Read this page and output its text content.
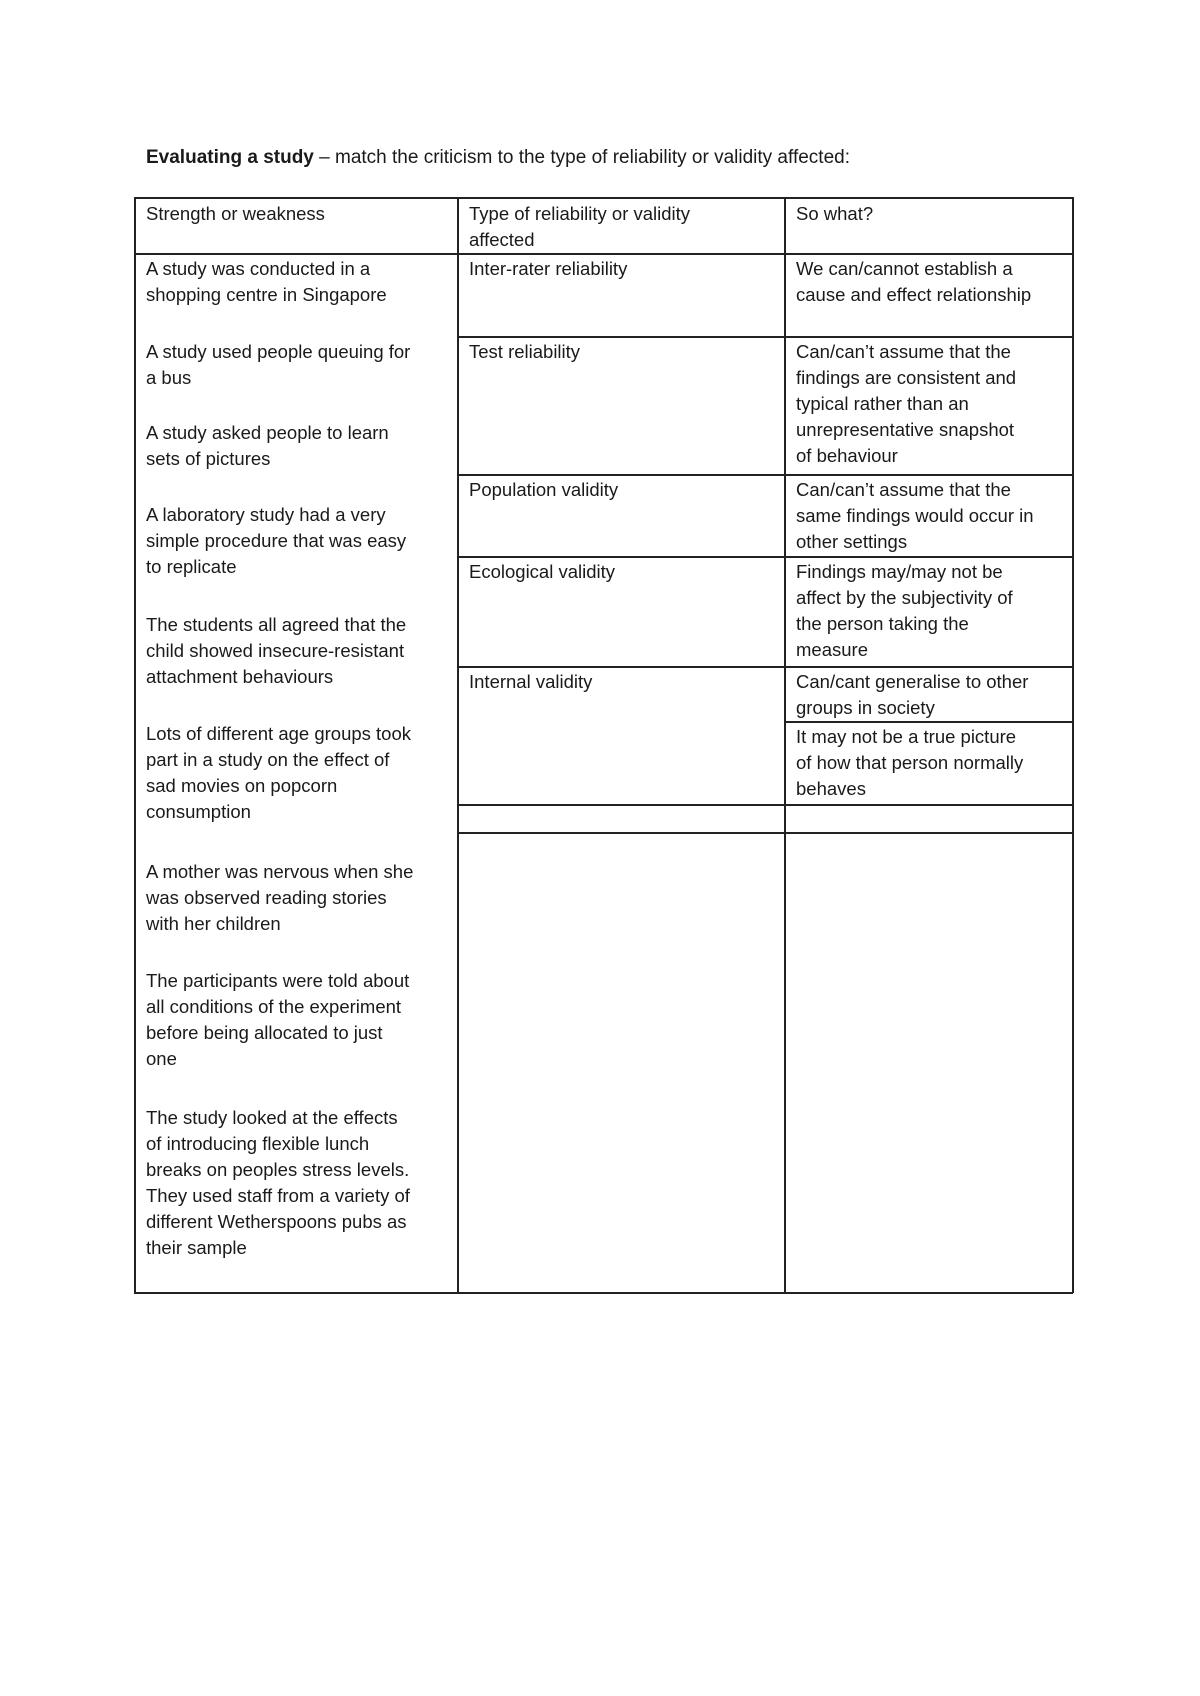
Evaluating a study – match the criticism to the type of reliability or validity affected:
Strength or weakness	Type of reliability or validity
affected
So what?
A study was conducted in a
shopping centre in Singapore
A study used people queuing for
a bus
A study asked people to learn
sets of pictures
A laboratory study had a very
simple procedure that was easy
to replicate
The students all agreed that the
child showed insecure-resistant
attachment behaviours
Lots of different age groups took
part in a study on the effect of
sad movies on popcorn
consumption
A mother was nervous when she
was observed reading stories
with her children
The participants were told about
all conditions of the experiment
before being allocated to just
one
The study looked at the effects
of introducing flexible lunch
breaks on peoples stress levels.
They used staff from a variety of
different Wetherspoons pubs as
their sample
Inter-rater reliability
Test reliability
Population validity
Ecological validity
Internal validity
We can/cannot establish a
cause and effect relationship
Can/can’t assume that the
findings are consistent and
typical rather than an
unrepresentative snapshot
of behaviour
Can/can’t assume that the
same findings would occur in
other settings
Findings may/may not be
affect by the subjectivity of
the person taking the
measure
Can/cant generalise to other
groups in society
It may not be a true picture
of how that person normally
behaves
